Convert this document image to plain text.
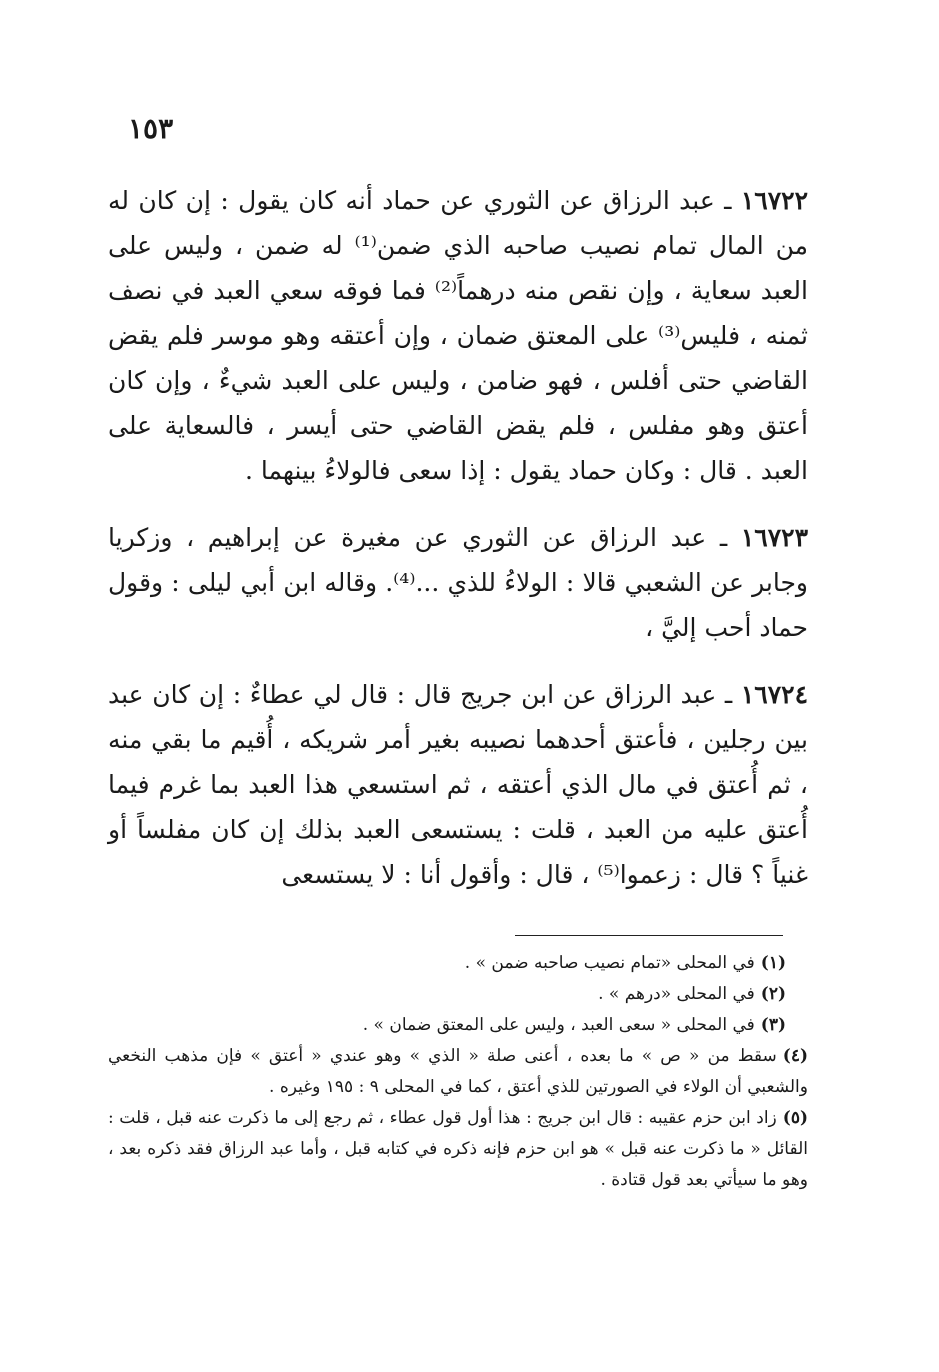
١٥٣

١٦٧٢٢ ـ عبد الرزاق عن الثوري عن حماد أنه كان يقول : إن كان له من المال تمام نصيب صاحبه الذي ضمن⁽¹⁾ له ضمن ، وليس على العبد سعاية ، وإن نقص منه درهماً⁽²⁾ فما فوقه سعي العبد في نصف ثمنه ، فليس⁽³⁾ على المعتق ضمان ، وإن أعتقه وهو موسر فلم يقض القاضي حتى أفلس ، فهو ضامن ، وليس على العبد شيءٌ ، وإن كان أعتق وهو مفلس ، فلم يقض القاضي حتى أيسر ، فالسعاية على العبد . قال : وكان حماد يقول : إذا سعى فالولاءُ بينهما .

١٦٧٢٣ ـ عبد الرزاق عن الثوري عن مغيرة عن إبراهيم ، وزكريا وجابر عن الشعبي قالا : الولاءُ للذي ...⁽⁴⁾. وقاله ابن أبي ليلى : وقول حماد أحب إليَّ ،

١٦٧٢٤ ـ عبد الرزاق عن ابن جريج قال : قال لي عطاءٌ : إن كان عبد بين رجلين ، فأعتق أحدهما نصيبه بغير أمر شريكه ، أُقيم ما بقي منه ، ثم أُعتق في مال الذي أعتقه ، ثم استسعي هذا العبد بما غرم فيما أُعتق عليه من العبد ، قلت : يستسعى العبد بذلك إن كان مفلساً أو غنياً ؟ قال : زعموا⁽⁵⁾ ، قال : وأقول أنا : لا يستسعى

(١)في المحلى «تمام نصيب صاحبه ضمن » .

(٢)في المحلى «درهم » .

(٣)في المحلى « سعى العبد ، وليس على المعتق ضمان » .

(٤)سقط من « ص » ما بعده ، أعنى صلة « الذي » وهو عندي « أعتق » فإن مذهب النخعي والشعبي أن الولاء في الصورتين للذي أعتق ، كما في المحلى ٩ : ١٩٥ وغيره .

(٥)زاد ابن حزم عقيبه : قال ابن جريج : هذا أول قول عطاء ، ثم رجع إلى ما ذكرت عنه قبل ، قلت : القائل « ما ذكرت عنه قبل » هو ابن حزم فإنه ذكره في كتابه قبل ، وأما عبد الرزاق فقد ذكره بعد ، وهو ما سيأتي بعد قول قتادة .
